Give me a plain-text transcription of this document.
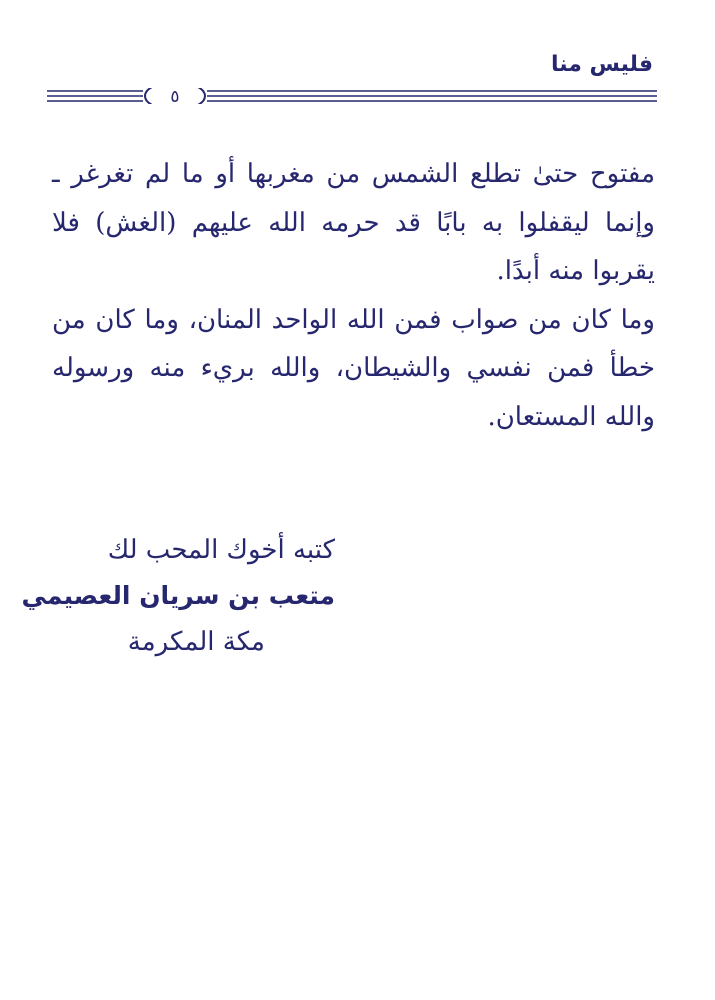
فليس منا
٥

مفتوح حتىٰ تطلع الشمس من مغربها أو ما لم تغرغر ـ وإنما ليقفلوا به بابًا قد حرمه الله عليهم (الغش) فلا يقربوا منه أبدًا.

وما كان من صواب فمن الله الواحد المنان، وما كان من خطأ فمن نفسي والشيطان، والله بريء منه ورسوله والله المستعان.

كتبه أخوك المحب لك
متعب بن سريان العصيمي
مكة المكرمة
